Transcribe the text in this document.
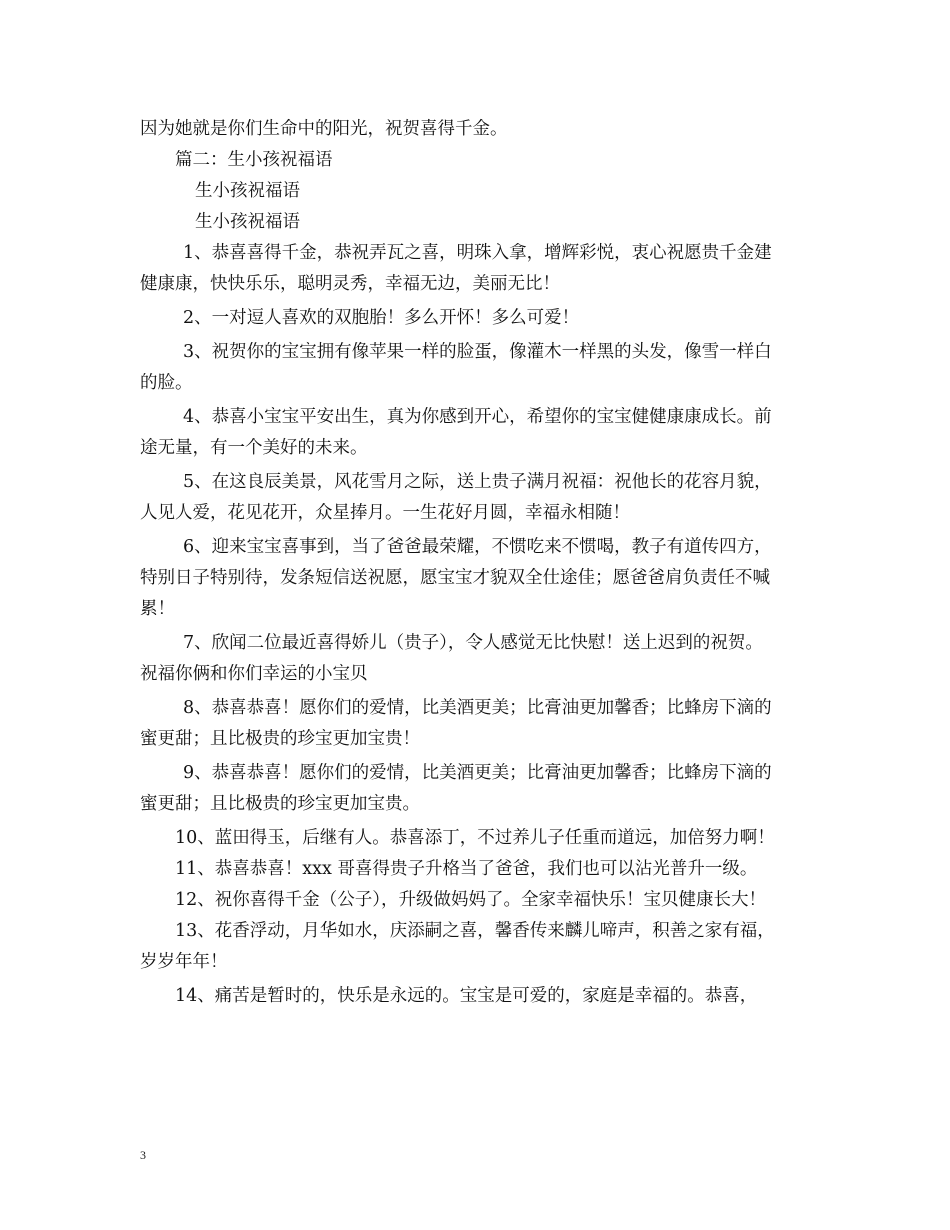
因为她就是你们生命中的阳光，祝贺喜得千金。
篇二：生小孩祝福语
生小孩祝福语
生小孩祝福语
1、恭喜喜得千金，恭祝弄瓦之喜，明珠入拿，增辉彩悦，衷心祝愿贵千金建
健康康，快快乐乐，聪明灵秀，幸福无边，美丽无比！
2、一对逗人喜欢的双胞胎！多么开怀！多么可爱！
3、祝贺你的宝宝拥有像苹果一样的脸蛋，像灌木一样黑的头发，像雪一样白
的脸。
4、恭喜小宝宝平安出生，真为你感到开心，希望你的宝宝健健康康成长。前
途无量，有一个美好的未来。
5、在这良辰美景，风花雪月之际，送上贵子满月祝福：祝他长的花容月貌，
人见人爱，花见花开，众星捧月。一生花好月圆，幸福永相随！
6、迎来宝宝喜事到，当了爸爸最荣耀，不惯吃来不惯喝，教子有道传四方，
特别日子特别待，发条短信送祝愿，愿宝宝才貌双全仕途佳；愿爸爸肩负责任不喊
累！
7、欣闻二位最近喜得娇儿（贵子），令人感觉无比快慰！送上迟到的祝贺。
祝福你俩和你们幸运的小宝贝
8、恭喜恭喜！愿你们的爱情，比美酒更美；比膏油更加馨香；比蜂房下滴的
蜜更甜；且比极贵的珍宝更加宝贵！
9、恭喜恭喜！愿你们的爱情，比美酒更美；比膏油更加馨香；比蜂房下滴的
蜜更甜；且比极贵的珍宝更加宝贵。
10、蓝田得玉，后继有人。恭喜添丁，不过养儿子任重而道远，加倍努力啊！
11、恭喜恭喜！xxx 哥喜得贵子升格当了爸爸，我们也可以沾光普升一级。
12、祝你喜得千金（公子），升级做妈妈了。全家幸福快乐！宝贝健康长大！
13、花香浮动，月华如水，庆添嗣之喜，馨香传来麟儿啼声，积善之家有福，
岁岁年年！
14、痛苦是暂时的，快乐是永远的。宝宝是可爱的，家庭是幸福的。恭喜，
3
